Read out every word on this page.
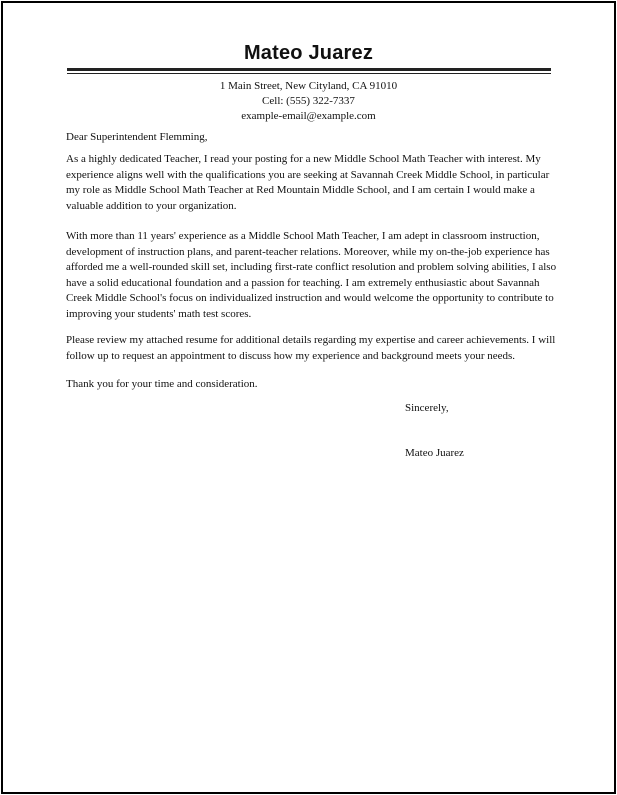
Mateo Juarez
1 Main Street, New Cityland, CA 91010
Cell: (555) 322-7337
example-email@example.com

Dear Superintendent Flemming,

As a highly dedicated Teacher, I read your posting for a new Middle School Math Teacher with interest. My experience aligns well with the qualifications you are seeking at Savannah Creek Middle School, in particular my role as Middle School Math Teacher at Red Mountain Middle School, and I am certain I would make a valuable addition to your organization.

With more than 11 years' experience as a Middle School Math Teacher, I am adept in classroom instruction, development of instruction plans, and parent-teacher relations. Moreover, while my on-the-job experience has afforded me a well-rounded skill set, including first-rate conflict resolution and problem solving abilities, I also have a solid educational foundation and a passion for teaching. I am extremely enthusiastic about Savannah Creek Middle School's focus on individualized instruction and would welcome the opportunity to contribute to improving your students' math test scores.

Please review my attached resume for additional details regarding my expertise and career achievements. I will follow up to request an appointment to discuss how my experience and background meets your needs.

Thank you for your time and consideration.

Sincerely,
Mateo Juarez
